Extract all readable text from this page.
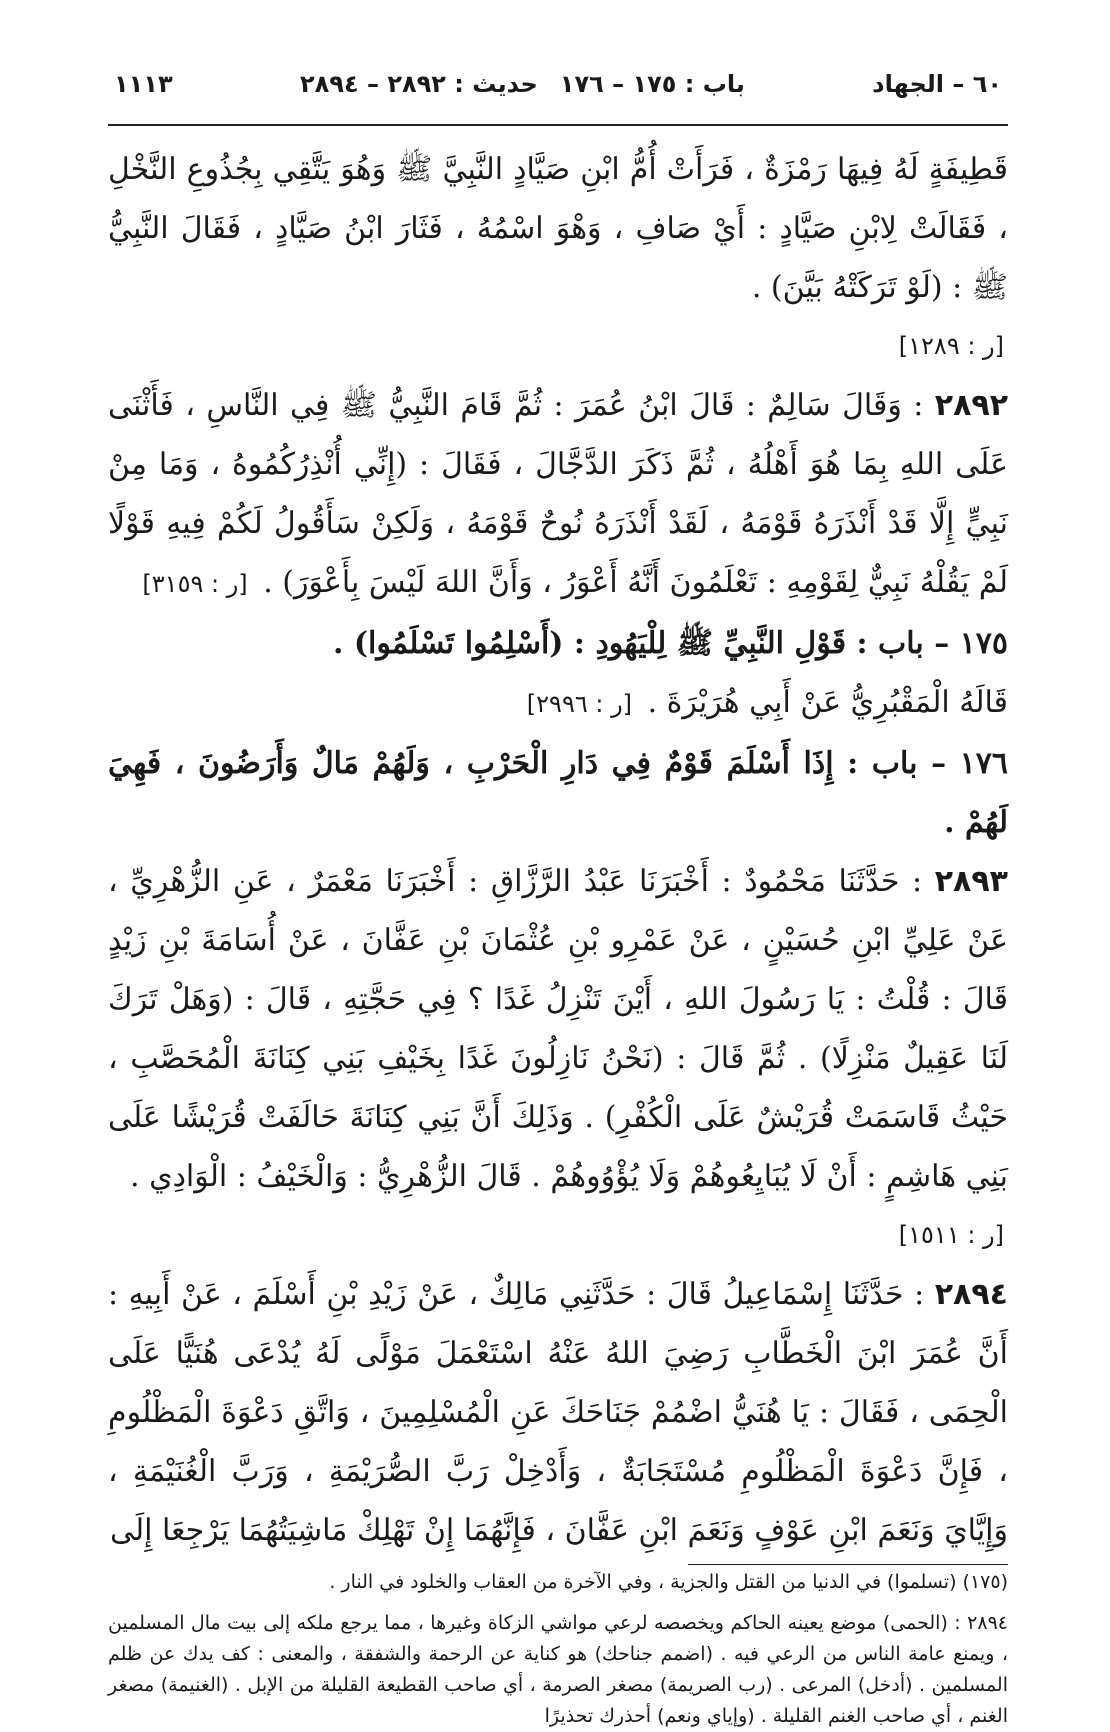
٦٠ – الجهاد
باب : ١٧٥ – ١٧٦
حديث : ٢٨٩٢ – ٢٨٩٤
١١١٣

قَطِيفَةٍ لَهُ فِيهَا رَمْزَةٌ ، فَرَأَتْ أُمُّ ابْنِ صَيَّادٍ النَّبِيَّ ﷺ وَهُوَ يَتَّقِي بِجُذُوعِ النَّخْلِ ، فَقَالَتْ لِابْنِ صَيَّادٍ : أَيْ صَافِ ، وَهْوَ اسْمُهُ ، فَثَارَ ابْنُ صَيَّادٍ ، فَقَالَ النَّبِيُّ ﷺ : (لَوْ تَرَكَتْهُ بَيَّنَ) .

[ر : ١٢٨٩]

٢٨٩٢ : وَقَالَ سَالِمٌ : قَالَ ابْنُ عُمَرَ : ثُمَّ قَامَ النَّبِيُّ ﷺ فِي النَّاسِ ، فَأَثْنَى عَلَى اللهِ بِمَا هُوَ أَهْلُهُ ، ثُمَّ ذَكَرَ الدَّجَّالَ ، فَقَالَ : (إِنِّي أُنْذِرُكُمُوهُ ، وَمَا مِنْ نَبِيٍّ إِلَّا قَدْ أَنْذَرَهُ قَوْمَهُ ، لَقَدْ أَنْذَرَهُ نُوحٌ قَوْمَهُ ، وَلَكِنْ سَأَقُولُ لَكُمْ فِيهِ قَوْلًا لَمْ يَقُلْهُ نَبِيٌّ لِقَوْمِهِ : تَعْلَمُونَ أَنَّهُ أَعْوَرُ ، وَأَنَّ اللهَ لَيْسَ بِأَعْوَرَ) . [ر : ٣١٥٩]

١٧٥ – باب : قَوْلِ النَّبِيِّ ﷺ لِلْيَهُودِ : (أَسْلِمُوا تَسْلَمُوا) .

قَالَهُ الْمَقْبُرِيُّ عَنْ أَبِي هُرَيْرَةَ . [ر : ٢٩٩٦]

١٧٦ – باب : إِذَا أَسْلَمَ قَوْمٌ فِي دَارِ الْحَرْبِ ، وَلَهُمْ مَالٌ وَأَرَضُونَ ، فَهِيَ لَهُمْ .

٢٨٩٣ : حَدَّثَنَا مَحْمُودٌ : أَخْبَرَنَا عَبْدُ الرَّزَّاقِ : أَخْبَرَنَا مَعْمَرٌ ، عَنِ الزُّهْرِيِّ ، عَنْ عَلِيِّ ابْنِ حُسَيْنٍ ، عَنْ عَمْرِو بْنِ عُثْمَانَ بْنِ عَفَّانَ ، عَنْ أُسَامَةَ بْنِ زَيْدٍ قَالَ : قُلْتُ : يَا رَسُولَ اللهِ ، أَيْنَ تَنْزِلُ غَدًا ؟ فِي حَجَّتِهِ ، قَالَ : (وَهَلْ تَرَكَ لَنَا عَقِيلٌ مَنْزِلًا) . ثُمَّ قَالَ : (نَحْنُ نَازِلُونَ غَدًا بِخَيْفِ بَنِي كِنَانَةَ الْمُحَصَّبِ ، حَيْثُ قَاسَمَتْ قُرَيْشٌ عَلَى الْكُفْرِ) . وَذَلِكَ أَنَّ بَنِي كِنَانَةَ حَالَفَتْ قُرَيْشًا عَلَى بَنِي هَاشِمٍ : أَنْ لَا يُبَايِعُوهُمْ وَلَا يُؤْوُوهُمْ . قَالَ الزُّهْرِيُّ : وَالْخَيْفُ : الْوَادِي .

[ر : ١٥١١]

٢٨٩٤ : حَدَّثَنَا إِسْمَاعِيلُ قَالَ : حَدَّثَنِي مَالِكٌ ، عَنْ زَيْدِ بْنِ أَسْلَمَ ، عَنْ أَبِيهِ : أَنَّ عُمَرَ ابْنَ الْخَطَّابِ رَضِيَ اللهُ عَنْهُ اسْتَعْمَلَ مَوْلًى لَهُ يُدْعَى هُنَيًّا عَلَى الْحِمَى ، فَقَالَ : يَا هُنَيُّ اضْمُمْ جَنَاحَكَ عَنِ الْمُسْلِمِينَ ، وَاتَّقِ دَعْوَةَ الْمَظْلُومِ ، فَإِنَّ دَعْوَةَ الْمَظْلُومِ مُسْتَجَابَةٌ ، وَأَدْخِلْ رَبَّ الصُّرَيْمَةِ ، وَرَبَّ الْغُنَيْمَةِ ، وَإِيَّايَ وَنَعَمَ ابْنِ عَوْفٍ وَنَعَمَ ابْنِ عَفَّانَ ، فَإِنَّهُمَا إِنْ تَهْلِكْ مَاشِيَتُهُمَا يَرْجِعَا إِلَى

(١٧٥) (تسلموا) في الدنيا من القتل والجزية ، وفي الآخرة من العقاب والخلود في النار .

٢٨٩٤ : (الحمى) موضع يعينه الحاكم ويخصصه لرعي مواشي الزكاة وغيرها ، مما يرجع ملكه إلى بيت مال المسلمين ، ويمنع عامة الناس من الرعي فيه . (اضمم جناحك) هو كناية عن الرحمة والشفقة ، والمعنى : كف يدك عن ظلم المسلمين . (أدخل) المرعى . (رب الصريمة) مصغر الصرمة ، أي صاحب القطيعة القليلة من الإبل . (الغنيمة) مصغر الغنم ، أي صاحب الغنم القليلة . (وإياي ونعم) أحذرك تحذيرًا
